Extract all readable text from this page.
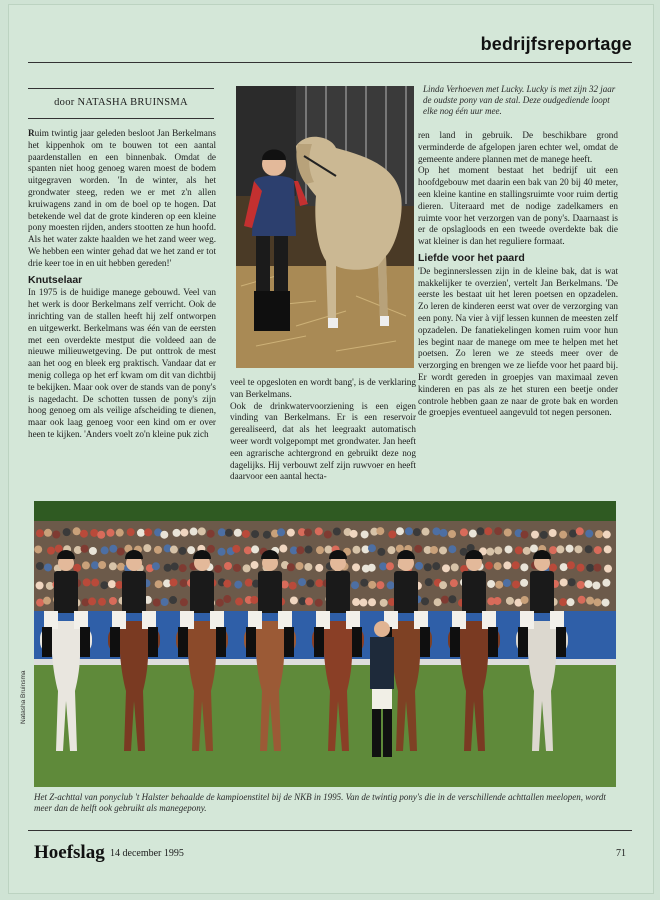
bedrijfsreportage
door NATASHA BRUINSMA

Ruim twintig jaar geleden besloot Jan Berkelmans het kippenhok om te bouwen tot een aantal paardenstallen en een binnenbak. Omdat de spanten niet hoog genoeg waren moest de bodem uitgegraven worden. 'In de winter, als het grondwater steeg, reden we er met z'n allen kruiwagens zand in om de boel op te hogen. Dat betekende wel dat de grote kinderen op een kleine pony moesten rijden, anders stootten ze hun hoofd. Als het water zakte haalden we het zand weer weg. We hebben een winter gehad dat we het zand er tot drie keer toe in en uit hebben gereden!'

Knutselaar

In 1975 is de huidige manege gebouwd. Veel van het werk is door Berkelmans zelf verricht. Ook de inrichting van de stallen heeft hij zelf ontworpen en uitgewerkt. Berkelmans was één van de eersten met een overdekte mestput die voldeed aan de nieuwe milieuwetgeving. De put onttrok de mest aan het oog en bleek erg praktisch. Vandaar dat er menig collega op het erf kwam om dit van dichtbij te bekijken. Maar ook over de stands van de pony's is nagedacht. De schotten tussen de pony's zijn hoog genoeg om als veilige afscheiding te dienen, maar ook laag genoeg voor een kind om er over heen te kijken. 'Anders voelt zo'n kleine puk zich

Linda Verhoeven met Lucky. Lucky is met zijn 32 jaar de oudste pony van de stal. Deze oudgediende loopt elke nog één uur mee.

veel te opgesloten en wordt bang', is de verklaring van Berkelmans.

Ook de drinkwatervoorziening is een eigen vinding van Berkelmans. Er is een reservoir gerealiseerd, dat als het leegraakt automatisch weer wordt volgepompt met grondwater. Jan heeft een agrarische achtergrond en gebruikt deze nog dagelijks. Hij verbouwt zelf zijn ruwvoer en heeft daarvoor een aantal hecta-

ren land in gebruik. De beschikbare grond verminderde de afgelopen jaren echter wel, omdat de gemeente andere plannen met de manege heeft.

Op het moment bestaat het bedrijf uit een hoofdgebouw met daarin een bak van 20 bij 40 meter, een kleine kantine en stallingsruimte voor ruim dertig dieren. Uiteraard met de nodige zadelkamers en ruimte voor het verzorgen van de pony's. Daarnaast is er de opslagloods en een tweede overdekte bak die wat kleiner is dan het reguliere formaat.

Liefde voor het paard

'De beginnerslessen zijn in de kleine bak, dat is wat makkelijker te overzien', vertelt Jan Berkelmans. 'De eerste les bestaat uit het leren poetsen en opzadelen. Zo leren de kinderen eerst wat over de verzorging van een pony. Na vier à vijf lessen kunnen de meesten zelf opzadelen. De fanatiekelingen komen ruim voor hun les begint naar de manege om mee te helpen met het poetsen. Zo leren we ze steeds meer over de verzorging en brengen we ze liefde voor het paard bij. Er wordt gereden in groepjes van maximaal zeven kinderen en pas als ze het sturen een beetje onder controle hebben gaan ze naar de grote bak en worden de groepjes eventueel aangevuld tot negen personen.

Natasha Bruinsma
Het Z-achttal van ponyclub 't Halster behaalde de kampioenstitel bij de NKB in 1995. Van de twintig pony's die in de verschillende achttallen meelopen, wordt meer dan de helft ook gebruikt als manegepony.
Hoefslag 14 december 1995	71
